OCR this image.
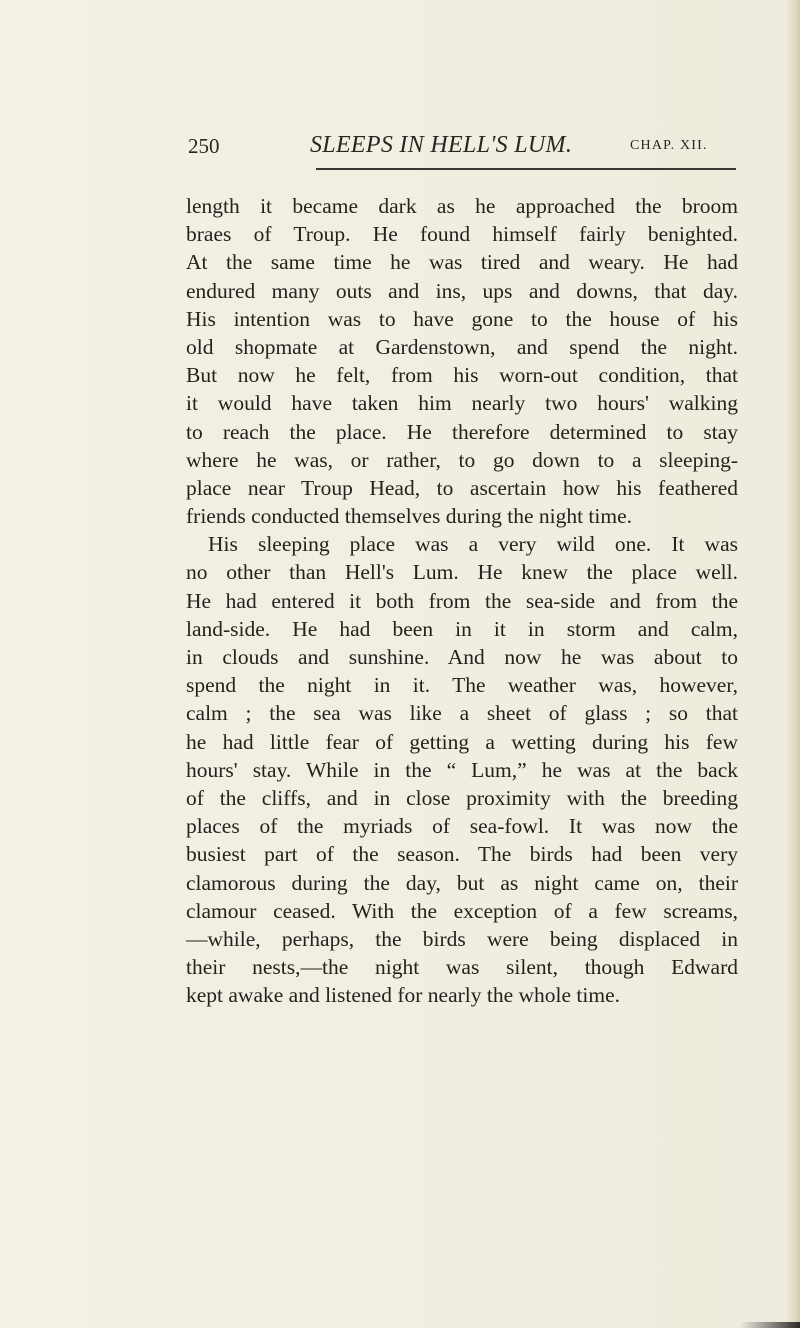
250	SLEEPS IN HELL'S LUM.	CHAP. XII.
length it became dark as he approached the broom
braes of Troup. He found himself fairly benighted.
At the same time he was tired and weary. He had
endured many outs and ins, ups and downs, that day.
His intention was to have gone to the house of his
old shopmate at Gardenstown, and spend the night.
But now he felt, from his worn-out condition, that
it would have taken him nearly two hours' walking
to reach the place. He therefore determined to stay
where he was, or rather, to go down to a sleeping-
place near Troup Head, to ascertain how his feathered
friends conducted themselves during the night time.
His sleeping place was a very wild one. It was
no other than Hell's Lum. He knew the place well.
He had entered it both from the sea-side and from the
land-side. He had been in it in storm and calm,
in clouds and sunshine. And now he was about to
spend the night in it. The weather was, however,
calm ; the sea was like a sheet of glass ; so that
he had little fear of getting a wetting during his few
hours' stay. While in the “ Lum,” he was at the back
of the cliffs, and in close proximity with the breeding
places of the myriads of sea-fowl. It was now the
busiest part of the season. The birds had been very
clamorous during the day, but as night came on, their
clamour ceased. With the exception of a few screams,
—while, perhaps, the birds were being displaced in
their nests,—the night was silent, though Edward
kept awake and listened for nearly the whole time.
